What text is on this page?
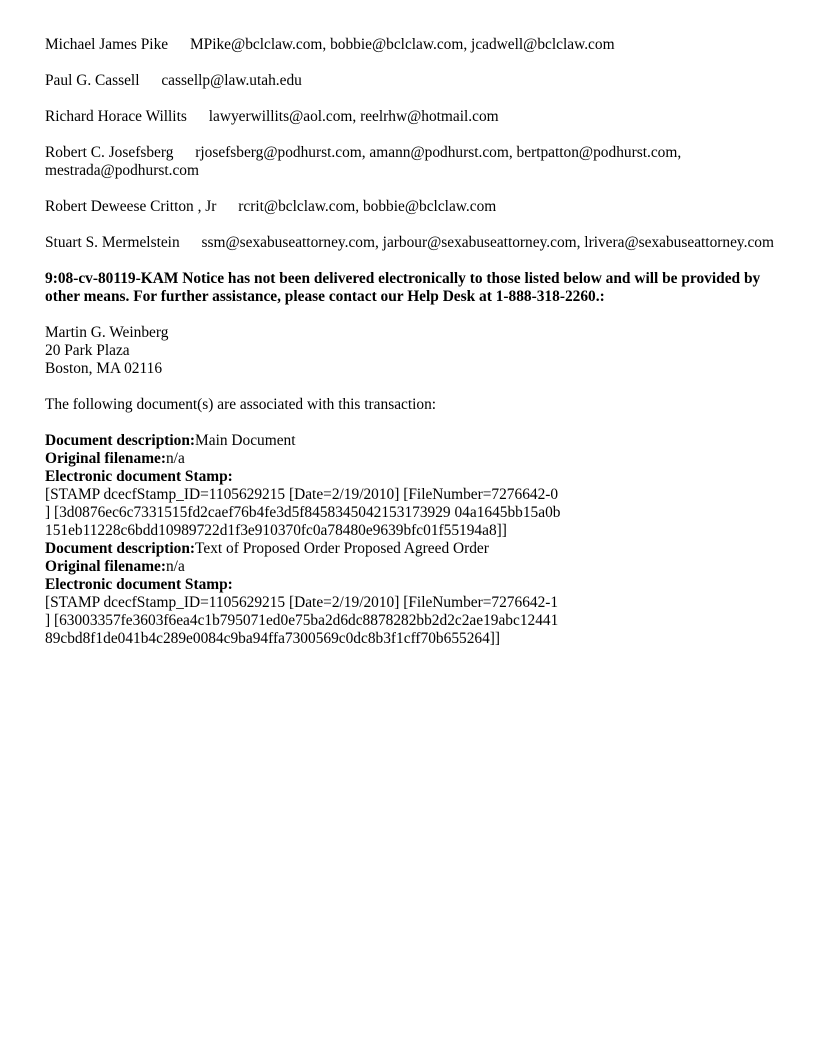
Michael James Pike MPike@bclclaw.com, bobbie@bclclaw.com, jcadwell@bclclaw.com
Paul G. Cassell cassellp@law.utah.edu
Richard Horace Willits lawyerwillits@aol.com, reelrhw@hotmail.com
Robert C. Josefsberg rjosefsberg@podhurst.com, amann@podhurst.com, bertpatton@podhurst.com, mestrada@podhurst.com
Robert Deweese Critton , Jr rcrit@bclclaw.com, bobbie@bclclaw.com
Stuart S. Mermelstein ssm@sexabuseattorney.com, jarbour@sexabuseattorney.com, lrivera@sexabuseattorney.com
9:08-cv-80119-KAM Notice has not been delivered electronically to those listed below and will be provided by other means. For further assistance, please contact our Help Desk at 1-888-318-2260.:
Martin G. Weinberg
20 Park Plaza
Boston, MA 02116
The following document(s) are associated with this transaction:
Document description:Main Document
Original filename:n/a
Electronic document Stamp:
[STAMP dcecfStamp_ID=1105629215 [Date=2/19/2010] [FileNumber=7276642-0
] [3d0876ec6c7331515fd2caef76b4fe3d5f8458345042153173929 04a1645bb15a0b
151eb11228c6bdd10989722d1f3e910370fc0a78480e9639bfc01f55194a8]]
Document description:Text of Proposed Order Proposed Agreed Order
Original filename:n/a
Electronic document Stamp:
[STAMP dcecfStamp_ID=1105629215 [Date=2/19/2010] [FileNumber=7276642-1
] [63003357fe3603f6ea4c1b795071ed0e75ba2d6dc8878282bb2d2c2ae19abc12441
89cbd8f1de041b4c289e0084c9ba94ffa7300569c0dc8b3f1cff70b655264]]
